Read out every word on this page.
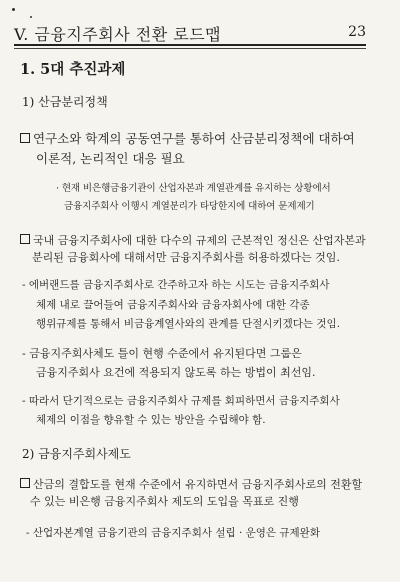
V. 금융지주회사 전환 로드맵	23
1. 5대 추진과제
1) 산금분리정책
연구소와 학계의 공동연구를 통하여 산금분리정책에 대하여
이론적, 논리적인 대응 필요
· 현재 비은행금융기관이 산업자본과 계열관계를 유지하는 상황에서
금융지주회사 이행시 계열분리가 타당한지에 대하여 문제제기
국내 금융지주회사에 대한 다수의 규제의 근본적인 정신은 산업자본과
분리된 금융회사에 대해서만 금융지주회사를 허용하겠다는 것임.
- 에버랜드를 금융지주회사로 간주하고자 하는 시도는 금융지주회사
체제 내로 끌어들여 금융지주회사와 금융자회사에 대한 각종
행위규제를 통해서 비금융계열사와의 관계를 단절시키겠다는 것임.
- 금융지주회사체도 틀이 현행 수준에서 유지된다면 그룹은
금융지주회사 요건에 적용되지 않도록 하는 방법이 최선임.
- 따라서 단기적으로는 금융지주회사 규제를 회피하면서 금융지주회사
체제의 이점을 향유할 수 있는 방안을 수립해야 함.
2) 금융지주회사제도
산금의 결합도를 현재 수준에서 유지하면서 금융지주회사로의 전환할
수 있는 비은행 금융지주회사 제도의 도입을 목표로 진행
- 산업자본계열 금융기관의 금융지주회사 설립 · 운영은 규제완화
